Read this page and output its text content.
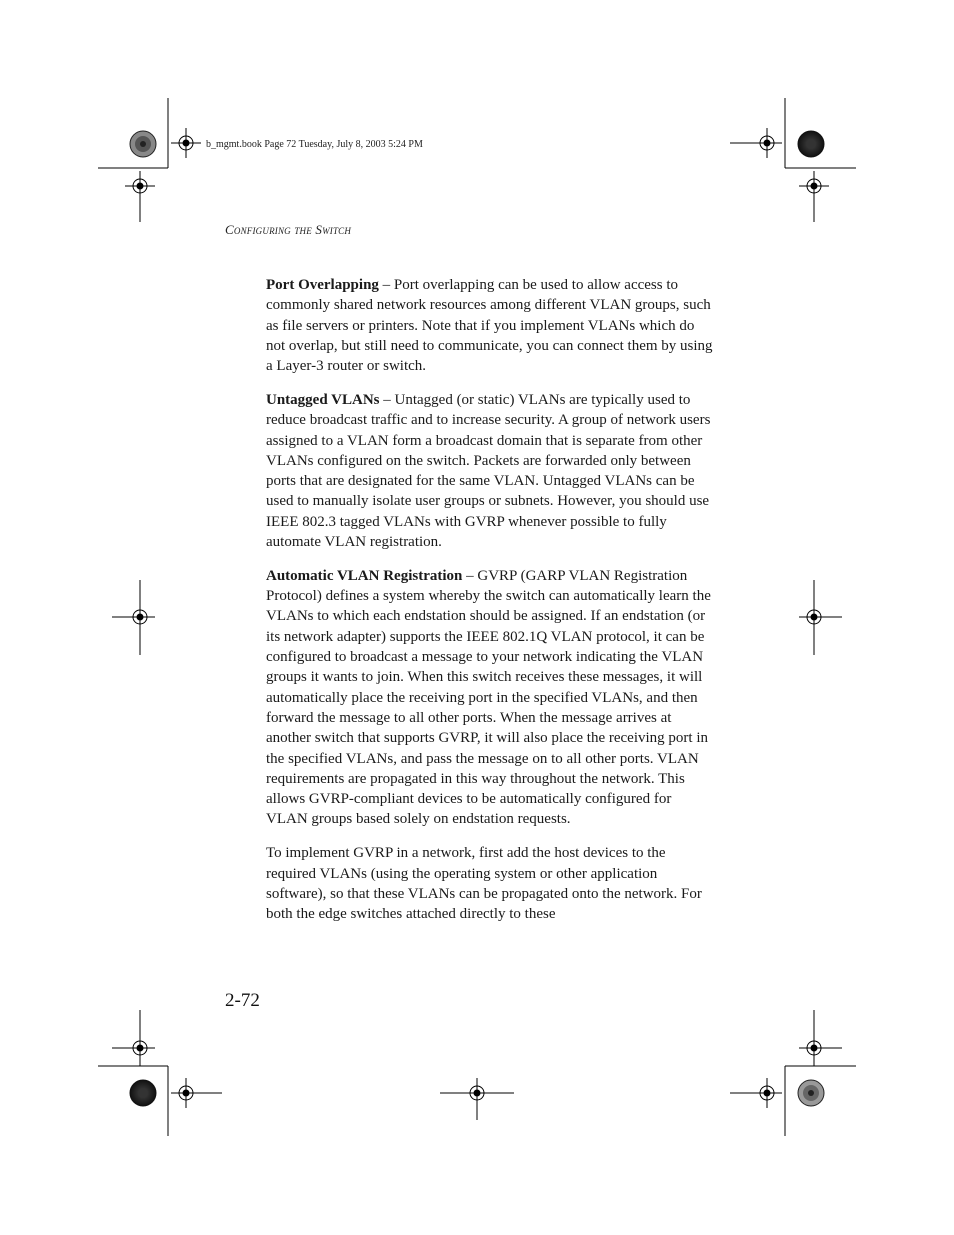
b_mgmt.book Page 72 Tuesday, July 8, 2003 5:24 PM
Configuring the Switch

Port Overlapping – Port overlapping can be used to allow access to commonly shared network resources among different VLAN groups, such as file servers or printers. Note that if you implement VLANs which do not overlap, but still need to communicate, you can connect them by using a Layer-3 router or switch.

Untagged VLANs – Untagged (or static) VLANs are typically used to reduce broadcast traffic and to increase security. A group of network users assigned to a VLAN form a broadcast domain that is separate from other VLANs configured on the switch. Packets are forwarded only between ports that are designated for the same VLAN. Untagged VLANs can be used to manually isolate user groups or subnets. However, you should use IEEE 802.3 tagged VLANs with GVRP whenever possible to fully automate VLAN registration.

Automatic VLAN Registration – GVRP (GARP VLAN Registration Protocol) defines a system whereby the switch can automatically learn the VLANs to which each endstation should be assigned. If an endstation (or its network adapter) supports the IEEE 802.1Q VLAN protocol, it can be configured to broadcast a message to your network indicating the VLAN groups it wants to join. When this switch receives these messages, it will automatically place the receiving port in the specified VLANs, and then forward the message to all other ports. When the message arrives at another switch that supports GVRP, it will also place the receiving port in the specified VLANs, and pass the message on to all other ports. VLAN requirements are propagated in this way throughout the network. This allows GVRP-compliant devices to be automatically configured for VLAN groups based solely on endstation requests.

To implement GVRP in a network, first add the host devices to the required VLANs (using the operating system or other application software), so that these VLANs can be propagated onto the network. For both the edge switches attached directly to these

2-72
